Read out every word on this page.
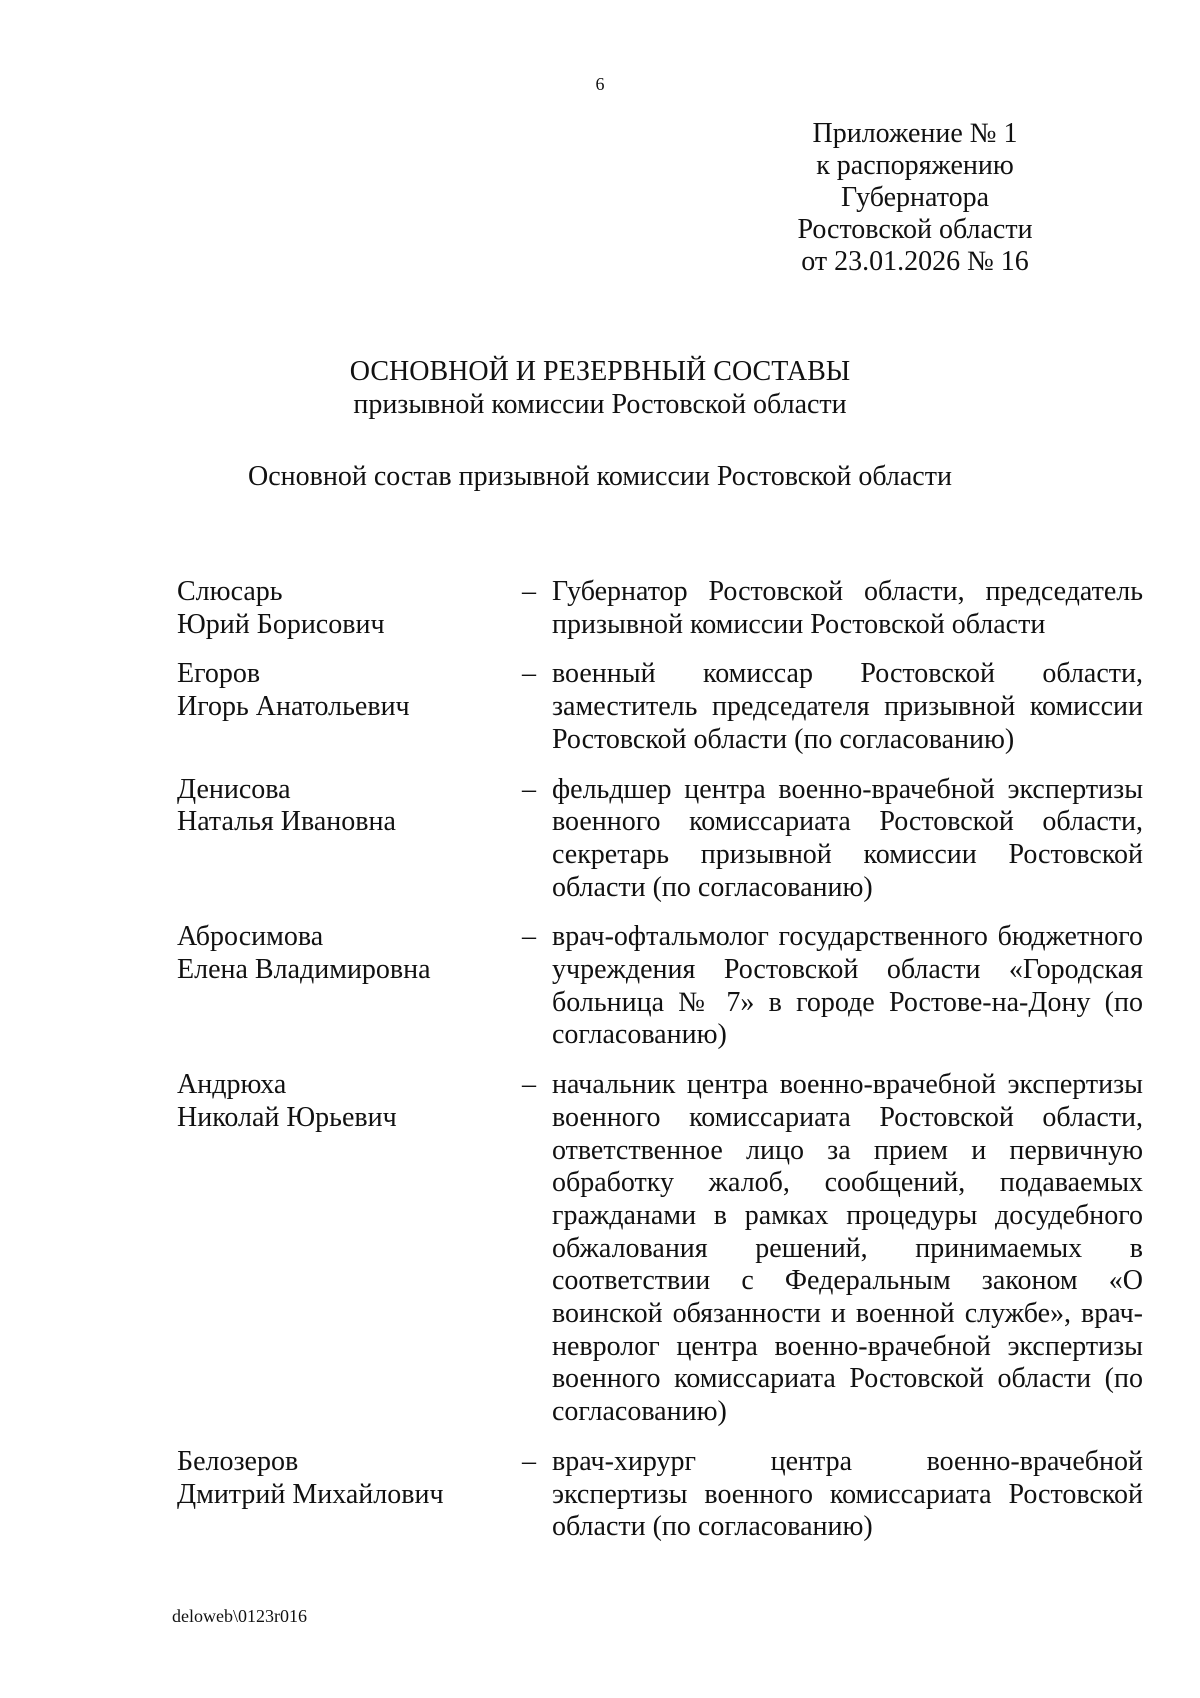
6
Приложение № 1
к распоряжению
Губернатора
Ростовской области
от 23.01.2026 № 16
ОСНОВНОЙ И РЕЗЕРВНЫЙ СОСТАВЫ
призывной комиссии Ростовской области
Основной состав призывной комиссии Ростовской области
Слюсарь
Юрий Борисович
– Губернатор Ростовской области, председатель призывной комиссии Ростовской области
Егоров
Игорь Анатольевич
– военный комиссар Ростовской области, заместитель председателя призывной комиссии Ростовской области (по согласованию)
Денисова
Наталья Ивановна
– фельдшер центра военно-врачебной экспертизы военного комиссариата Ростовской области, секретарь призывной комиссии Ростовской области (по согласованию)
Абросимова
Елена Владимировна
– врач-офтальмолог государственного бюджетного учреждения Ростовской области «Городская больница № 7» в городе Ростове-на-Дону (по согласованию)
Андрюха
Николай Юрьевич
– начальник центра военно-врачебной экспертизы военного комиссариата Ростовской области, ответственное лицо за прием и первичную обработку жалоб, сообщений, подаваемых гражданами в рамках процедуры досудебного обжалования решений, принимаемых в соответствии с Федеральным законом «О воинской обязанности и военной службе», врач-невролог центра военно-врачебной экспертизы военного комиссариата Ростовской области (по согласованию)
Белозеров
Дмитрий Михайлович
– врач-хирург центра военно-врачебной экспертизы военного комиссариата Ростовской области (по согласованию)
deloweb\0123r016
